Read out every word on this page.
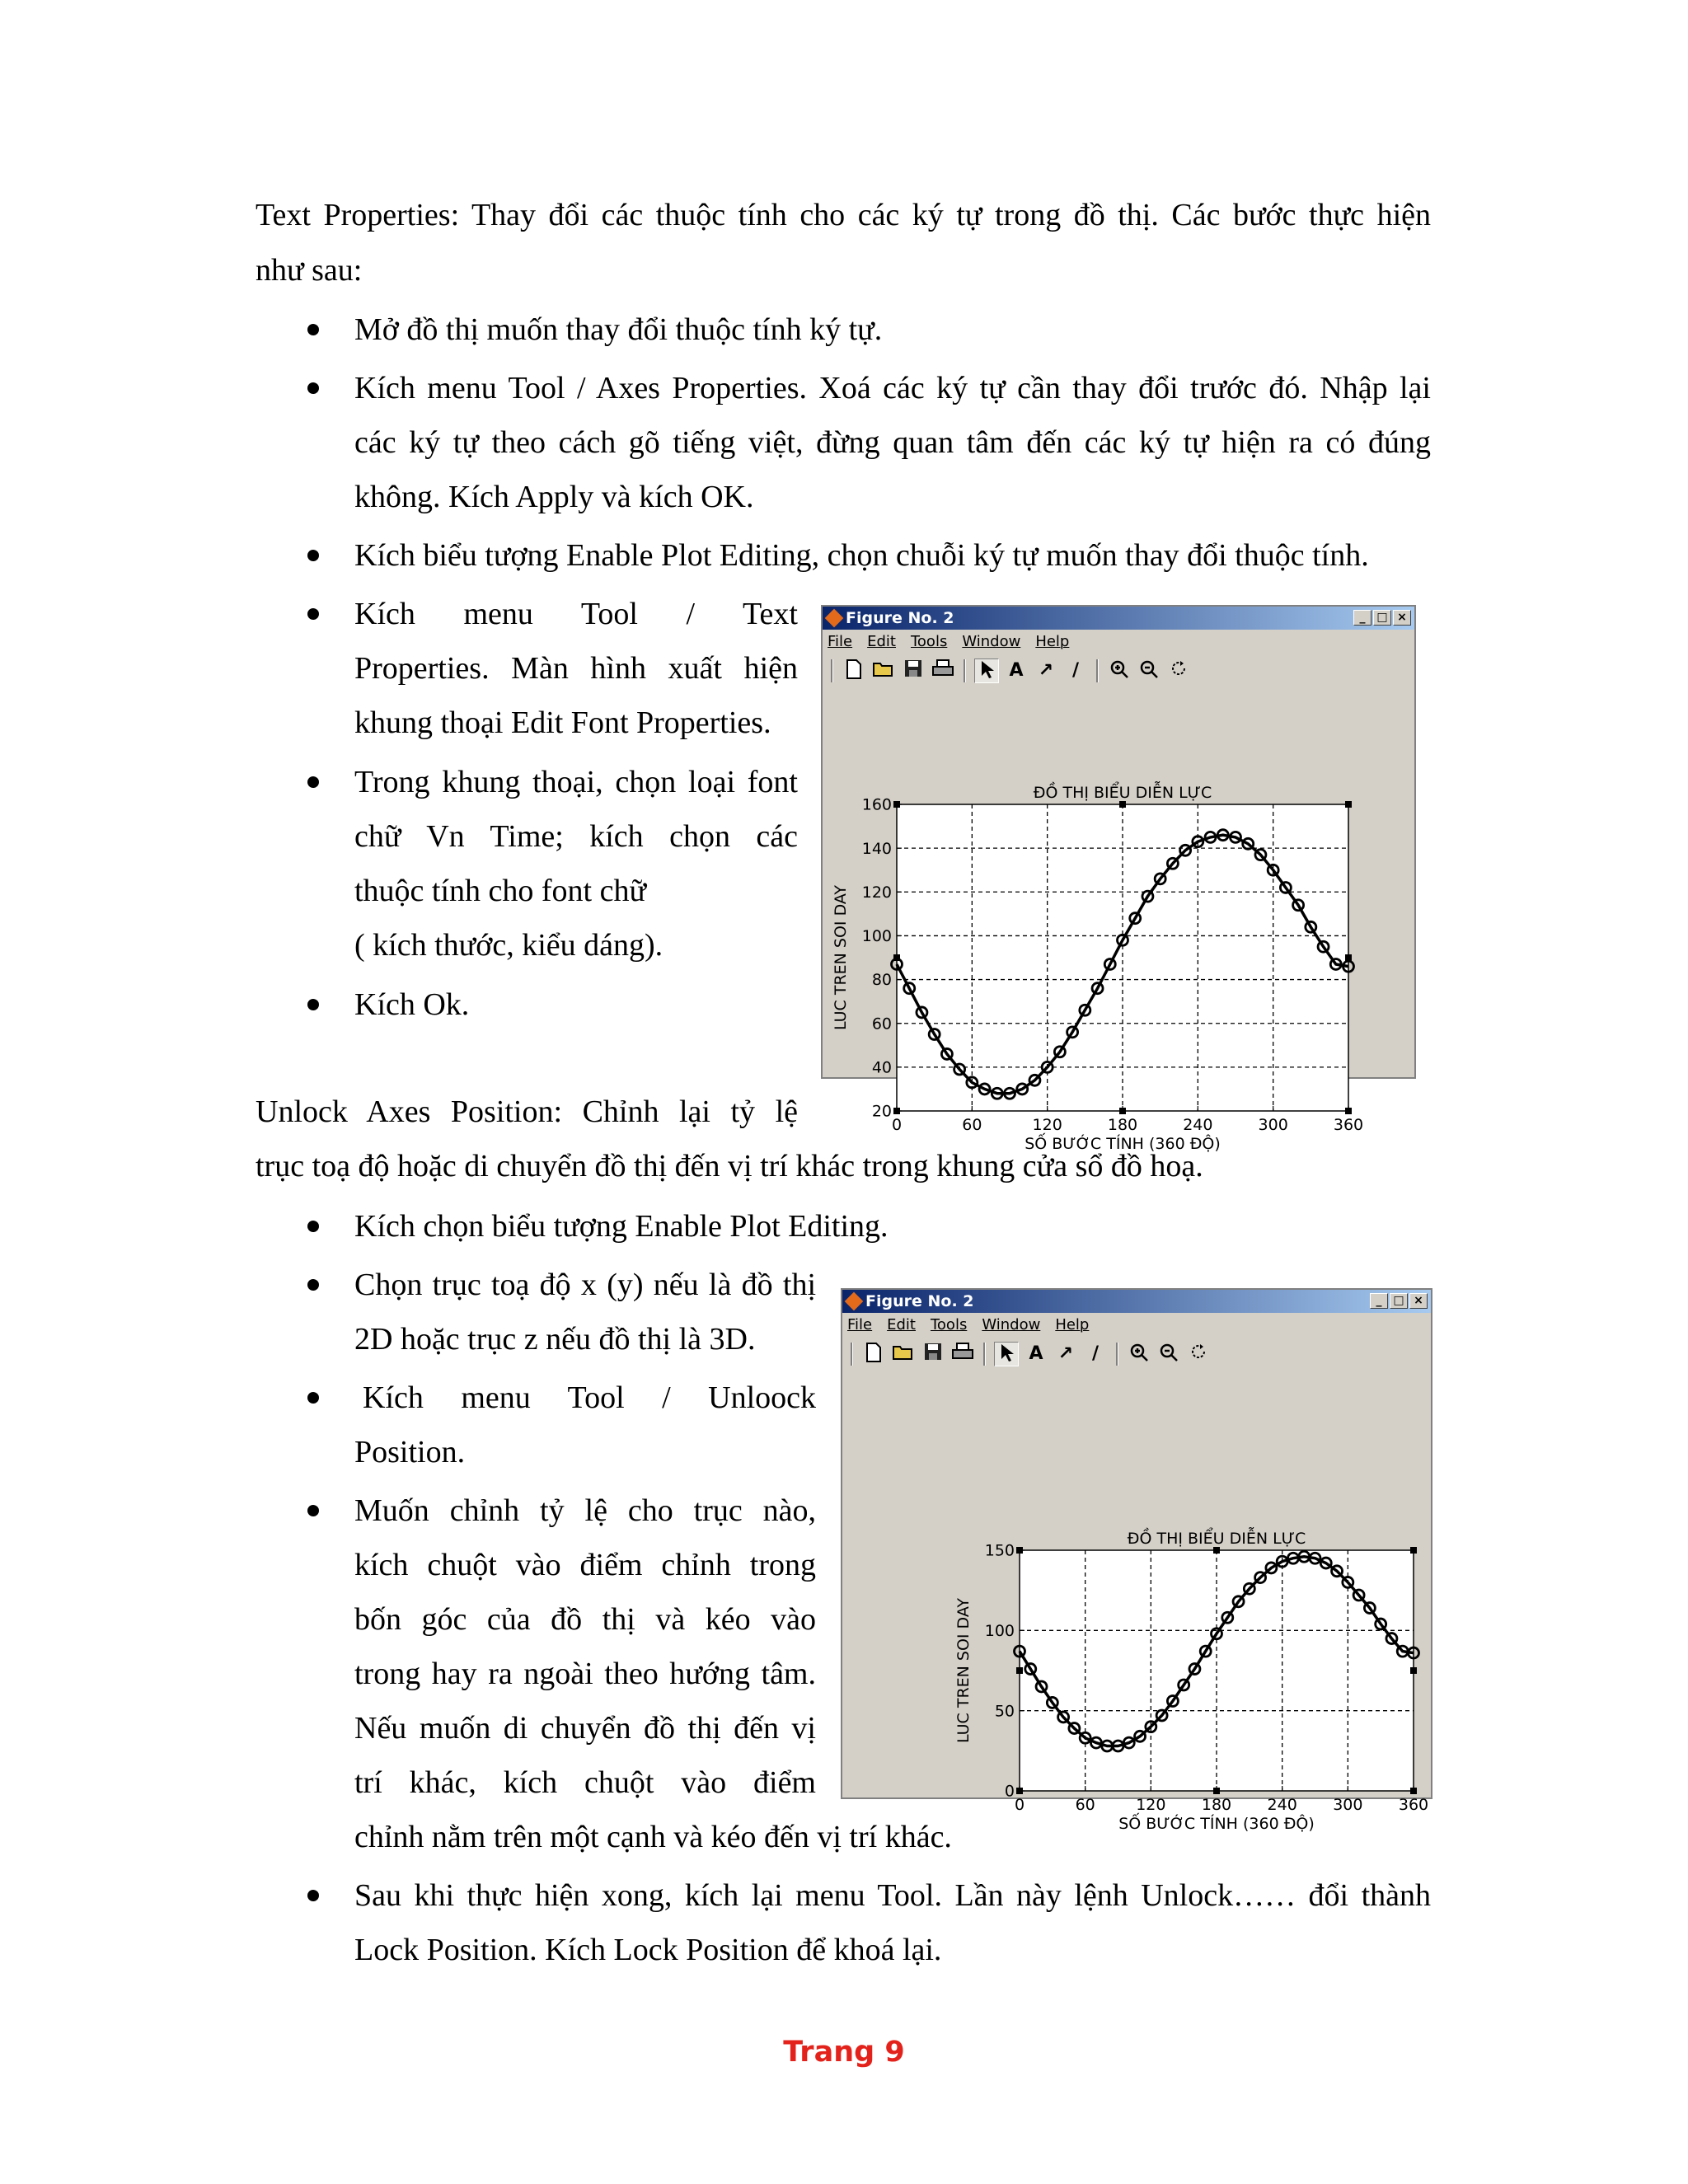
Text Properties: Thay đổi các thuộc tính cho các ký tự trong đồ thị. Các bước thực hiện
như sau:
Mở đồ thị muốn thay đổi thuộc tính ký tự.
Kích menu Tool / Axes Properties. Xoá các ký tự cần thay đổi trước đó. Nhập lại
các ký tự theo cách gõ tiếng việt, đừng quan tâm đến các ký tự hiện ra có đúng
không. Kích Apply và kích OK.
Kích biểu tượng Enable Plot Editing, chọn chuỗi ký tự muốn thay đổi thuộc tính.
Kích menu Tool / Text
Properties. Màn hình xuất hiện
khung thoại Edit Font Properties.
Trong khung thoại, chọn loại font
chữ Vn Time; kích chọn các
thuộc tính cho font chữ
( kích thước, kiểu dáng).
Kích Ok.
Figure No. 2	_ □ ×
File Edit Tools Window Help
A ↗	/
0	60	120	180	240	300	360
20
40
60
80
100
120
140
160
ĐỒ THỊ BIỂU DIỄN LỰC
SỐ BƯỚC TÍNH (360 ĐỘ)
LUC TREN SOI DAY
Unlock Axes Position: Chỉnh lại tỷ lệ
trục toạ độ hoặc di chuyển đồ thị đến vị trí khác trong khung cửa sổ đồ hoạ.
Kích chọn biểu tượng Enable Plot Editing.
Chọn trục toạ độ x (y) nếu là đồ thị
2D hoặc trục z nếu đồ thị là 3D.
Kích menu Tool / Unloock
Position.
Muốn chỉnh tỷ lệ cho trục nào,
kích chuột vào điểm chỉnh trong
bốn góc của đồ thị và kéo vào
trong hay ra ngoài theo hướng tâm.
Nếu muốn di chuyển đồ thị đến vị
trí khác, kích chuột vào điểm
chỉnh nằm trên một cạnh và kéo đến vị trí khác.
Sau khi thực hiện xong, kích lại menu Tool. Lần này lệnh Unlock…… đổi thành
Lock Position. Kích Lock Position để khoá lại.
Figure No. 2	_ □ ×
File Edit Tools Window Help
A ↗	/
0	60	120 180 240 300 360
0
50
100
150
ĐỒ THỊ BIỂU DIỄN LỰC
SỐ BƯỚC TÍNH (360 ĐỘ)
LUC TREN SOI DAY
Trang 9
